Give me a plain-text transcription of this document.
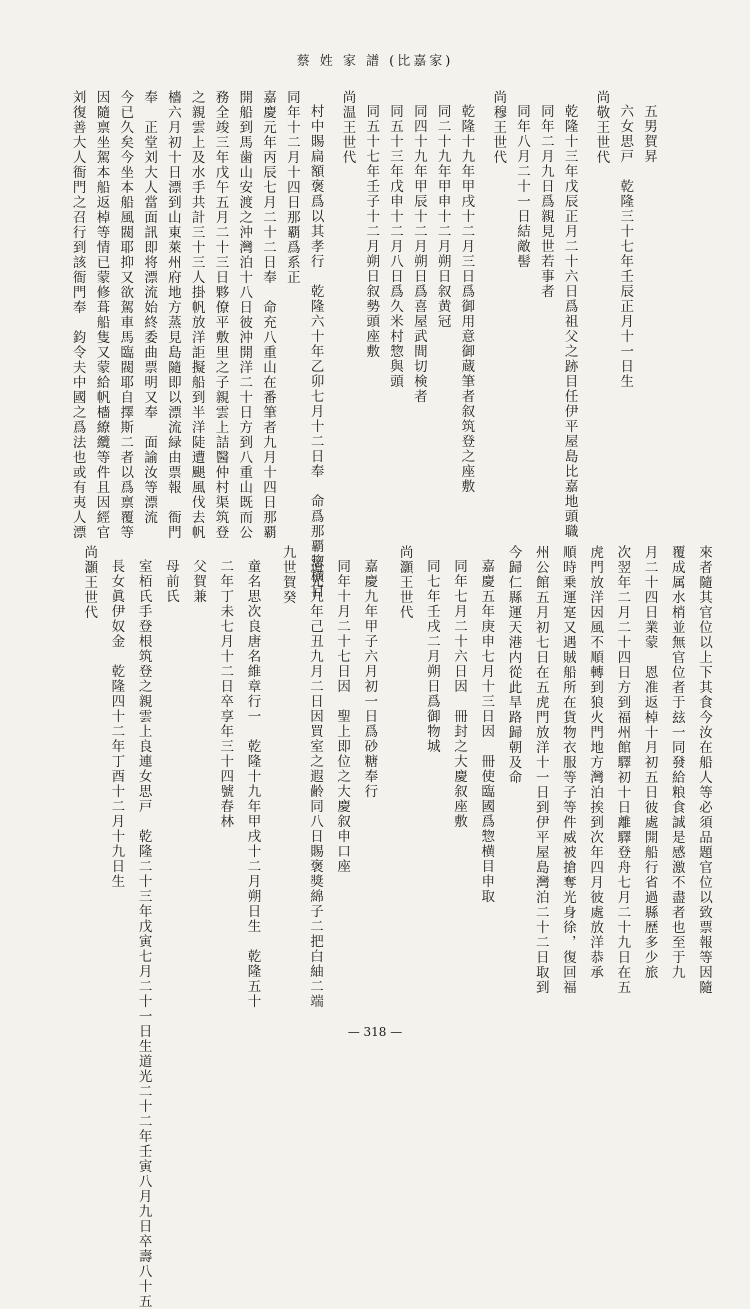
蔡 姓 家 譜 (比嘉家)
五男賀昇
六女思戸　乾隆三十七年壬辰正月十一日生
尚敬王世代
乾隆十三年戊辰正月二十六日爲祖父之跡目任伊平屋島比嘉地頭職
同年二月九日爲親見世若事者
同年八月二十一日結敵髻
尚穆王世代
乾隆十九年甲戌十二月三日爲御用意御蔵筆者叙筑登之座敷
同二十九年甲申十二月朔日叙黄冠
同四十九年甲辰十二月朔日爲喜屋武間切検者
同五十三年戊申十二月八日爲久米村惣與頭
同五十七年壬子十二月朔日叙勢頭座敷
尚温王世代
村中賜扁額褒爲以其孝行　乾隆六十年乙卯七月十二日奉　命爲那覇惣横目
同年十二月十四日那覇爲系正
嘉慶元年丙辰七月二十二日奉　命充八重山在番筆者九月十四日那覇
開船到馬歯山安渡之沖灣泊十八日彼沖開洋二十日方到八重山既而公
務全竣三年戊午五月二十三日夥僚平敷里之子親雲上詰醫仲村渠筑登
之親雲上及水手共計三十三人掛帆放洋詎擬船到半洋陡遭颶風伐去帆
檣六月初十日漂到山東萊州府地方蒸見島隨即以漂流緑由票報　衙門
奉　正堂刘大人當面訊即将漂流始終委曲票明又奉　面諭汝等漂流
今已久矣今坐本船風閥耶抑又欲駕車馬臨閥耶自擇斯二者以爲禀覆等
因隨禀坐駕本船返棹等情已蒙修葺船隻又蒙給帆檣繚纜等件且因經官
刘復善大人衙門之召行到該衙門奉　鈞令夫中國之爲法也或有夷人漂
來者隨其官位以上下其食今汝在船人等必須品題官位以致票報等因隨
覆成属水梢並無官位者于玆一同發給粮食誠是感激不盡者也至于九
月二十四日業蒙　恩准返棹十月初五日彼處開船行省過縣歴多少旅
次翌年二月二十四日方到福州館驛初十日離驛登舟七月二十九日在五
虎門放洋因風不順轉到狼火門地方灣泊挨到次年四月彼處放洋恭承
順時乗運寔又遇賊船所在貨物衣服等子等件威被搶奪光身徐，復回福
州公館五月初七日在五虎門放洋十一日到伊平屋島灣泊二十二日取到
今歸仁縣運天港内從此旱路歸朝及命
嘉慶五年庚申七月十三日因　冊使臨國爲惣横目申取
同年七月二十六日因　冊封之大慶叙座敷
同七年壬戌二月朔日爲御物城
尚灝王世代
嘉慶九年甲子六月初一日爲砂糖奉行
同年十月二十七日因　聖上即位之大慶叙申口座
道光九年己丑九月二日因買室之遐齢同八日賜褒獎綿子二把白紬二端
九世賀癸
童名思次良唐名維章行一　乾隆十九年甲戌十二月朔日生　乾隆五十
二年丁未七月十二日卒享年三十四號春林
父賀兼
母前氏
室栢氏手登根筑登之親雲上良連女思戸　乾隆二十三年戊寅七月二十一日生道光二十二年壬寅八月九日卒壽八十五
長女眞伊奴金　乾隆四十二年丁酉十二月十九日生
尚灝王世代
— 318 —
